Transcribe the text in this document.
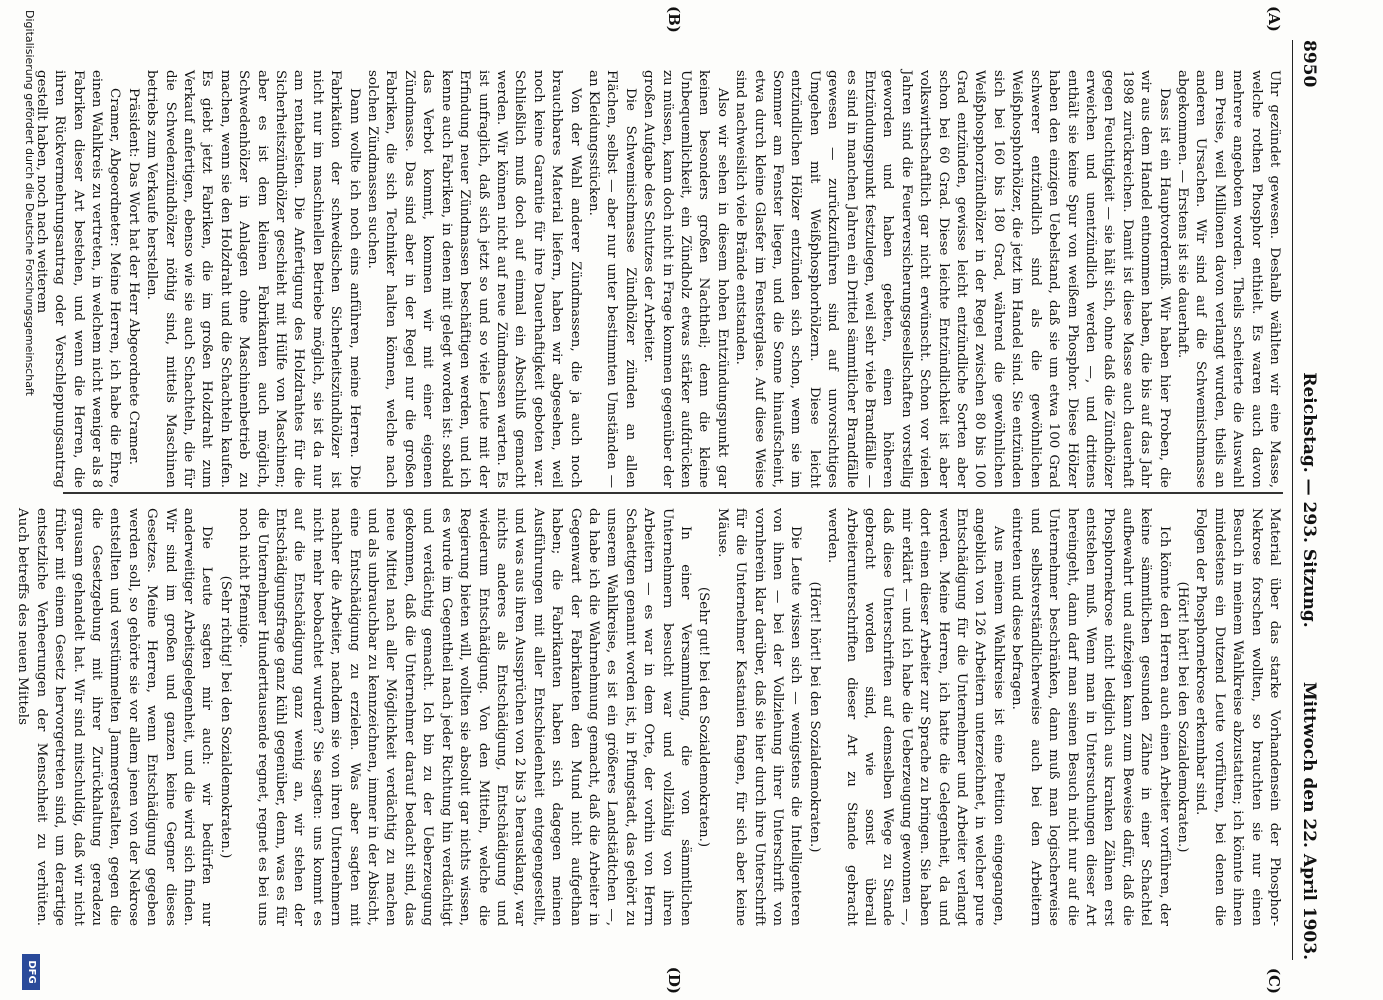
8950
Reichstag. — 293. Sitzung.
Mittwoch den 22. April 1903.
(A)
(B)
(C)
(D)

Uhr gezündet gewesen. Deshalb wählten wir eine Masse, welche rothen Phosphor enthielt. Es waren auch davon mehrere angeboten worden. Theils scheiterte die Auswahl am Preise, weil Millionen davon verlangt wurden, theils an anderen Ursachen. Wir sind auf die Schwemischmasse abgekommen. — Erstens ist sie dauerhaft.

Dass ist ein Hauptvorderniß. Wir haben hier Proben, die wir aus dem Handel entnommen haben, die bis auf das Jahr 1898 zurückreichen. Damit ist diese Masse auch dauerhaft gegen Feuchtigkeit — sie hält sich, ohne daß die Zündhölzer erweichen und unentzündlich werden —, und drittens enthält sie keine Spur von weißem Phosphor. Diese Hölzer haben den einzigen Uebelstand, daß sie um etwa 100 Grad schwerer entzündlich sind als die gewöhnlichen Weißphosphorhölzer, die jetzt im Handel sind. Sie entzünden sich bei 160 bis 180 Grad, während die gewöhnlichen Weißphosphorzündhölzer in der Regel zwischen 80 bis 100 Grad entzünden, gewisse leicht entzündliche Sorten aber schon bei 60 Grad. Diese leichte Entzündlichkeit ist aber volkswirthschaftlich gar nicht erwünscht. Schon vor vielen Jahren sind die Feuerversicherungsgesellschaften vorstellig geworden und haben gebeten, einen höheren Entzündungspunkt festzulegen, weil sehr viele Brandfälle — es sind in manchen Jahren ein Drittel sämmtlicher Brandfälle gewesen — zurückzuführen sind auf unvorsichtiges Umgehen mit Weißphosphorhölzern. Diese leicht entzündlichen Hölzer entzünden sich schon, wenn sie im Sommer am Fenster liegen, und die Sonne hinaufscheint, etwa durch kleine Glasfer im Fensterglase. Auf diese Weise sind nachweislich viele Brände entstanden.

Also wir sehen in diesem hohen Entzündungspunkt gar keinen besonders großen Nachtheil; denn die kleine Unbequemlichkeit, ein Zündholz etwas stärker aufdrücken zu müssen, kann doch nicht in Frage kommen gegenüber der großen Aufgabe des Schutzes der Arbeiter.

Die Schwemischmasse Zündhölzer zünden an allen Flächen, selbst — aber nur unter bestimmten Umständen — an Kleidungsstücken.

Von der Wahl anderer Zündmassen, die ja auch noch brauchbares Material liefern, haben wir abgesehen, weil noch keine Garantie für ihre Dauerhaftigkeit geboten war. Schließlich muß doch auf einmal ein Abschluß gemacht werden. Wir können nicht auf neue Zündmassen warten. Es ist unfraglich, daß sich jetzt so und so viele Leute mit der Erfindung neuer Zündmassen beschäftigen werden, und ich kenne auch Fabriken, in denen mit gelegt worden ist: sobald das Verbot kommt, kommen wir mit einer eigenen Zündmasse. Das sind aber in der Regel nur die großen Fabriken, die sich Techniker halten können, welche nach solchen Zündmassen suchen.

Dann wollte ich noch eins anführen, meine Herren. Die Fabrikation der schwedischen Sicherheitszündhölzer ist nicht nur im maschinellen Betriebe möglich, sie ist da nur am rentabelsten. Die Anfertigung des Holzdrahtes für die Sicherheitszündhölzer geschieht mit Hülfe von Maschinen; aber es ist dem kleinen Fabrikanten auch möglich, Schwedenhölzer in Anlagen ohne Maschinenbetrieb zu machen, wenn sie den Holzdraht und die Schachteln kaufen. Es giebt jetzt Fabriken, die im großen Holzdraht zum Verkauf anfertigen, ebenso wie sie auch Schachteln, die für die Schwedenzündhölzer nöthig sind, mittels Maschinen betriebs zum Verkaufe herstellen.

Präsident: Das Wort hat der Herr Abgeordnete Cramer.

Cramer, Abgeordneter: Meine Herren, ich habe die Ehre, einen Wahlkreis zu vertreten, in welchem nicht weniger als 8 Fabriken dieser Art bestehen, und wenn die Herren, die ihren Rückvermehrungsantrag oder Verschleppungsantrag gestellt haben, noch nach weiterem

Material über das starke Vorhandensein der Phosphor-Nekrose forschen wollten, so brauchten sie nur einen Besuch in meinem Wahlkreise abzustatten; ich könnte ihnen mindestens ein Dutzend Leute vorführen, bei denen die Folgen der Phosphornekrose erkennbar sind.

(Hört! hört! bei den Sozialdemokraten.)

Ich könnte den Herren auch einen Arbeiter vorführen, der keine sämmtlichen gesunden Zähne in einer Schachtel aufbewahrt und aufzeigen kann zum Beweise dafür, daß die Phosphornekrose nicht lediglich aus kranken Zähnen erst entstehen muß. Wenn man in Untersuchungen dieser Art hereingeht, dann darf man seinen Besuch nicht nur auf die Unternehmer beschränken, dann muß man logischerweise und selbstverständlicherweise auch bei den Arbeitern eintreten und diese befragen.

Aus meinem Wahlkreise ist eine Petition eingegangen, angeblich von 126 Arbeitern unterzeichnet, in welcher pure Entschädigung für die Unternehmer und Arbeiter verlangt werden. Meine Herren, ich hatte die Gelegenheit, da und dort einen dieser Arbeiter zur Sprache zu bringen. Sie haben mir erklärt — und ich habe die Ueberzeugung gewonnen —, daß diese Unterschriften auf demselben Wege zu Stande gebracht worden sind, wie sonst überall Arbeiterunterschriften dieser Art zu Stande gebracht werden.

(Hört! hört! bei den Sozialdemokraten.)

Die Leute wissen sich — wenigstens die Intelligenteren von ihnen — bei der Vollziehung ihrer Unterschrift von vornherein klar darüber, daß sie hier durch ihre Unterschrift für die Unternehmer Kastanien fangen, für sich aber keine Mäuse.

(Sehr gut! bei den Sozialdemokraten.)

In einer Versammlung, die von sämmtlichen Unternehmern besucht war und vollzählig von ihren Arbeitern — es war in dem Orte, der vorhin von Herrn Schaettgen genannt worden ist, in Pfungstadt, das gehört zu unserem Wahlkreise, es ist ein größeres Landstädtchen —, da habe ich die Wahrnehmung gemacht, daß die Arbeiter in Gegenwart der Fabrikanten den Mund nicht aufgethan haben; die Fabrikanten haben sich dagegen meinen Ausführungen mit aller Entschiedenheit entgegengestellt, und was aus ihren Aussprüchen von 2 bis 3 herausklang, war nichts anderes als Entschädigung, Entschädigung und wiederum Entschädigung. Von den Mitteln, welche die Regierung bieten will, wollten sie absolut gar nichts wissen, es wurde im Gegentheil nach jeder Richtung hin verdächtigt und verdächtig gemacht. Ich bin zu der Ueberzeugung gekommen, daß die Unternehmer darauf bedacht sind, das neue Mittel nach aller Möglichkeit verdächtig zu machen und als unbrauchbar zu kennzeichnen, immer in der Absicht, eine Entschädigung zu erzielen. Was aber sagten mit nachher die Arbeiter, nachdem sie von ihren Unternehmern nicht mehr beobachtet wurden? Sie sagten: uns kommt es auf die Entschädigung ganz wenig an, wir stehen der Entschädigungsfrage ganz kühl gegenüber, denn, was es für die Unternehmer Hunderttausende regnet, regnet es bei uns noch nicht Pfennige.

(Sehr richtig! bei den Sozialdemokraten.)

Die Leute sagten mir auch: wir bedürfen nur anderweitiger Arbeitsgelegenheit, und die wird sich finden. Wir sind im großen und ganzen keine Gegner dieses Gesetzes. Meine Herren, wenn Entschädigung gegeben werden soll, so gehörte sie vor allem jenen von der Nekrose entstellten und verstümmelten Jammergestalten, gegen die die Gesetzgebung mit ihrer Zurückhaltung geradezu grausam gehandelt hat. Wir sind mitschuldig, daß wir nicht früher mit einem Gesetz hervorgetreten sind, um derartige entsetzliche Verheerungen der Menschheit zu verhüten. Auch betreffs des neuen Mittels

Digitalisierung gefördert durch die Deutsche Forschungsgemeinschaft
DFG
